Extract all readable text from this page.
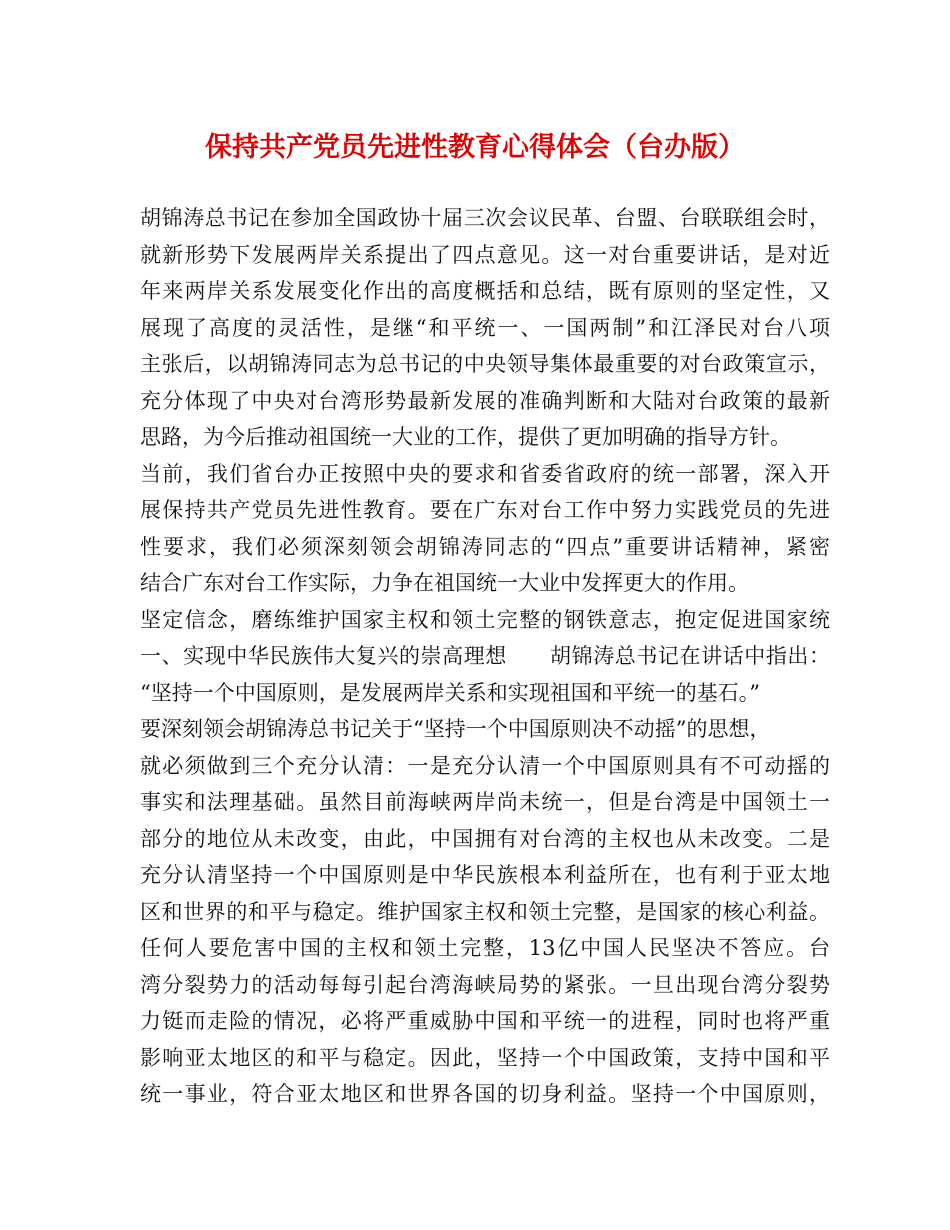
保持共产党员先进性教育心得体会（台办版）
胡锦涛总书记在参加全国政协十届三次会议民革、台盟、台联联组会时，
就新形势下发展两岸关系提出了四点意见。这一对台重要讲话，是对近
年来两岸关系发展变化作出的高度概括和总结，既有原则的坚定性，又
展现了高度的灵活性，是继“和平统一、一国两制”和江泽民对台八项
主张后，以胡锦涛同志为总书记的中央领导集体最重要的对台政策宣示，
充分体现了中央对台湾形势最新发展的准确判断和大陆对台政策的最新
思路，为今后推动祖国统一大业的工作，提供了更加明确的指导方针。
当前，我们省台办正按照中央的要求和省委省政府的统一部署，深入开
展保持共产党员先进性教育。要在广东对台工作中努力实践党员的先进
性要求，我们必须深刻领会胡锦涛同志的“四点”重要讲话精神，紧密
结合广东对台工作实际，力争在祖国统一大业中发挥更大的作用。
坚定信念，磨练维护国家主权和领土完整的钢铁意志，抱定促进国家统
一、实现中华民族伟大复兴的崇高理想　　胡锦涛总书记在讲话中指出：
“坚持一个中国原则，是发展两岸关系和实现祖国和平统一的基石。”
要深刻领会胡锦涛总书记关于“坚持一个中国原则决不动摇”的思想，
就必须做到三个充分认清：一是充分认清一个中国原则具有不可动摇的
事实和法理基础。虽然目前海峡两岸尚未统一，但是台湾是中国领土一
部分的地位从未改变，由此，中国拥有对台湾的主权也从未改变。二是
充分认清坚持一个中国原则是中华民族根本利益所在，也有利于亚太地
区和世界的和平与稳定。维护国家主权和领土完整，是国家的核心利益。
任何人要危害中国的主权和领土完整，13亿中国人民坚决不答应。台
湾分裂势力的活动每每引起台湾海峡局势的紧张。一旦出现台湾分裂势
力铤而走险的情况，必将严重威胁中国和平统一的进程，同时也将严重
影响亚太地区的和平与稳定。因此，坚持一个中国政策，支持中国和平
统一事业，符合亚太地区和世界各国的切身利益。坚持一个中国原则，
